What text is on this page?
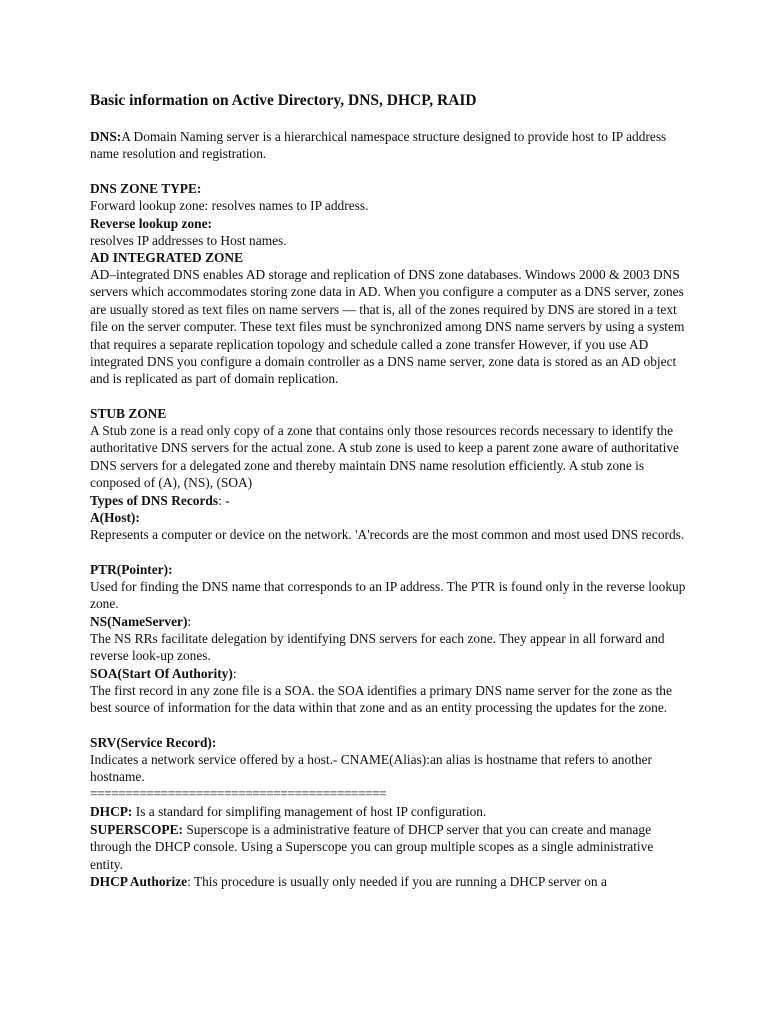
Basic information on Active Directory, DNS, DHCP, RAID
DNS:A Domain Naming server is a hierarchical namespace structure designed to provide host to IP address name resolution and registration.
DNS ZONE TYPE:
Forward lookup zone: resolves names to IP address.
Reverse lookup zone:
resolves IP addresses to Host names.
AD INTEGRATED ZONE
AD–integrated DNS enables AD storage and replication of DNS zone databases. Windows 2000 & 2003 DNS servers which accommodates storing zone data in AD. When you configure a computer as a DNS server, zones are usually stored as text files on name servers — that is, all of the zones required by DNS are stored in a text file on the server computer. These text files must be synchronized among DNS name servers by using a system that requires a separate replication topology and schedule called a zone transfer However, if you use AD integrated DNS you configure a domain controller as a DNS name server, zone data is stored as an AD object and is replicated as part of domain replication.
STUB ZONE
A Stub zone is a read only copy of a zone that contains only those resources records necessary to identify the authoritative DNS servers for the actual zone. A stub zone is used to keep a parent zone aware of authoritative DNS servers for a delegated zone and thereby maintain DNS name resolution efficiently. A stub zone is conposed of (A), (NS), (SOA)
Types of DNS Records: -
A(Host):
Represents a computer or device on the network. 'A'records are the most common and most used DNS records.
PTR(Pointer):
Used for finding the DNS name that corresponds to an IP address. The PTR is found only in the reverse lookup zone.
NS(NameServer):
The NS RRs facilitate delegation by identifying DNS servers for each zone. They appear in all forward and reverse look-up zones.
SOA(Start Of Authority):
The first record in any zone file is a SOA. the SOA identifies a primary DNS name server for the zone as the best source of information for the data within that zone and as an entity processing the updates for the zone.
SRV(Service Record):
Indicates a network service offered by a host.- CNAME(Alias):an alias is hostname that refers to another hostname.
==========================================
DHCP: Is a standard for simplifing management of host IP configuration.
SUPERSCOPE: Superscope is a administrative feature of DHCP server that you can create and manage through the DHCP console. Using a Superscope you can group multiple scopes as a single administrative entity.
DHCP Authorize: This procedure is usually only needed if you are running a DHCP server on a
